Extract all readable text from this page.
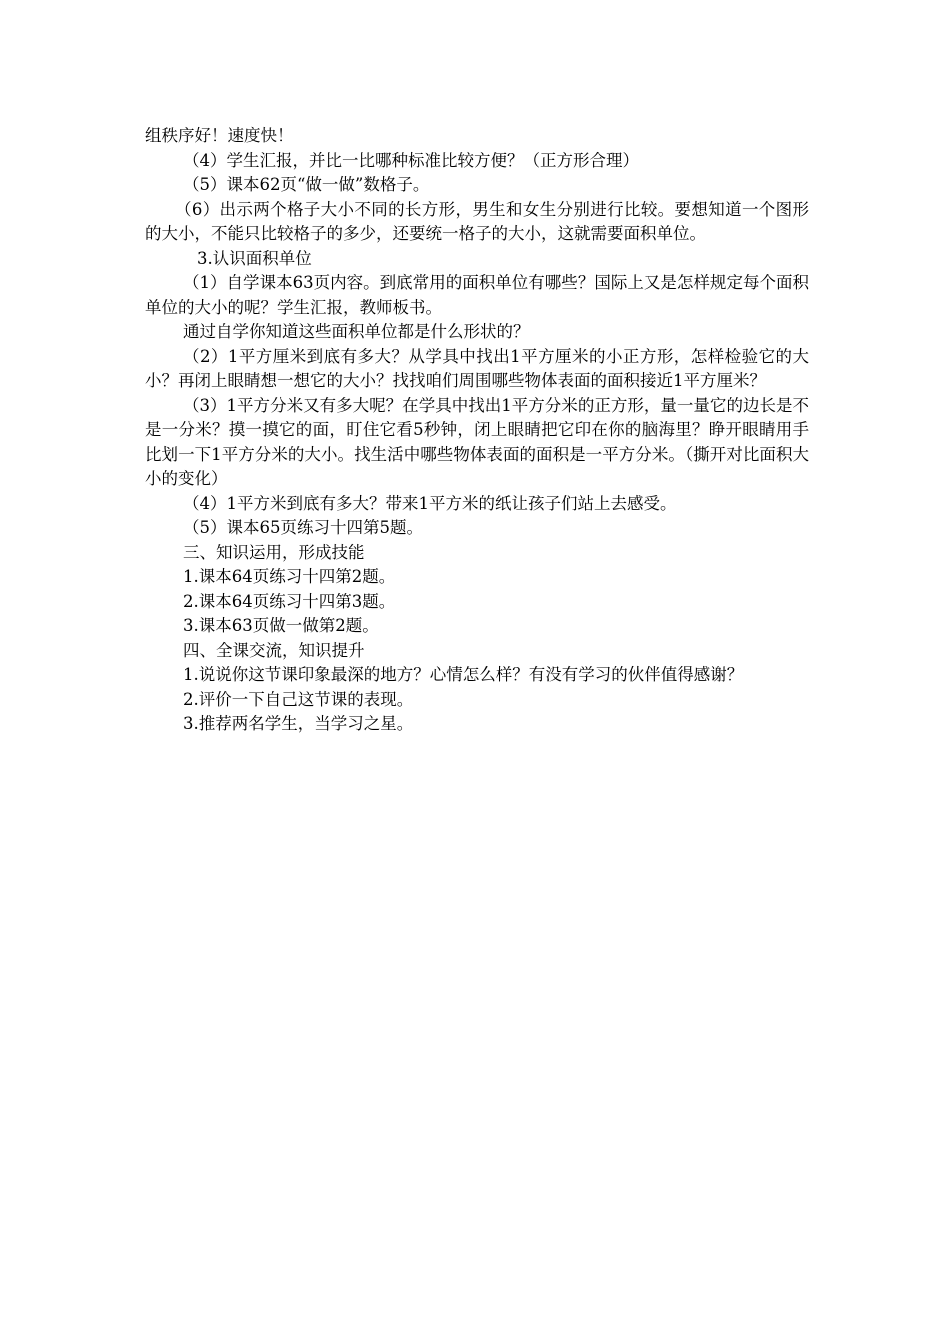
组秩序好！速度快！

（4）学生汇报，并比一比哪种标准比较方便？（正方形合理）

（5）课本62页“做一做”数格子。

（6）出示两个格子大小不同的长方形，男生和女生分别进行比较。要想知道一个图形的大小，不能只比较格子的多少，还要统一格子的大小，这就需要面积单位。

3.认识面积单位

（1）自学课本63页内容。到底常用的面积单位有哪些？国际上又是怎样规定每个面积单位的大小的呢？学生汇报，教师板书。

通过自学你知道这些面积单位都是什么形状的？

（2）1平方厘米到底有多大？从学具中找出1平方厘米的小正方形，怎样检验它的大小？再闭上眼睛想一想它的大小？找找咱们周围哪些物体表面的面积接近1平方厘米？

（3）1平方分米又有多大呢？在学具中找出1平方分米的正方形，量一量它的边长是不是一分米？摸一摸它的面，盯住它看5秒钟，闭上眼睛把它印在你的脑海里？睁开眼睛用手比划一下1平方分米的大小。找生活中哪些物体表面的面积是一平方分米。（撕开对比面积大小的变化）

（4）1平方米到底有多大？带来1平方米的纸让孩子们站上去感受。

（5）课本65页练习十四第5题。

三、知识运用，形成技能

1.课本64页练习十四第2题。

2.课本64页练习十四第3题。

3.课本63页做一做第2题。

四、全课交流，知识提升

1.说说你这节课印象最深的地方？心情怎么样？有没有学习的伙伴值得感谢？

2.评价一下自己这节课的表现。

3.推荐两名学生，当学习之星。
